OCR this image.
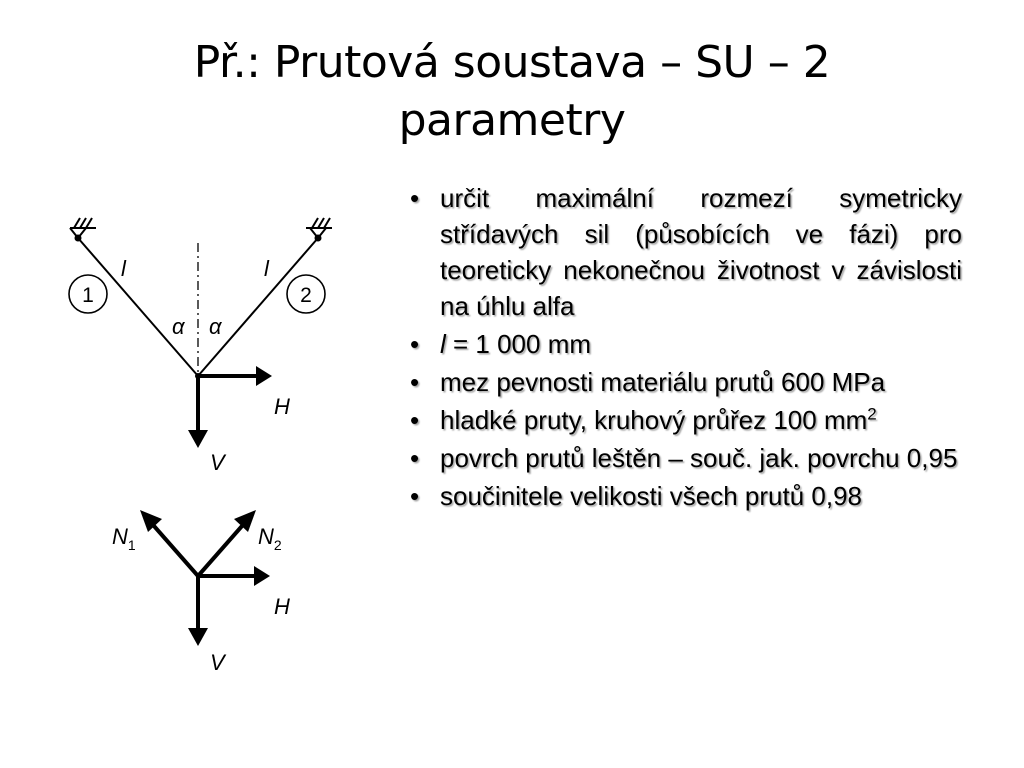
Př.: Prutová soustava – SU – 2
parametry
1	2
l	l
α α
H
V
$N_1$	$N_2$
H
V
• určit maximální rozmezí symetricky střídavých sil (působících ve fázi) pro teoreticky nekonečnou životnost v závislosti na úhlu alfa
• l = 1 000 mm
• mez pevnosti materiálu prutů 600 MPa
• hladké pruty, kruhový průřez 100 $mm^2$
• povrch prutů leštěn – souč. jak. povrchu 0,95
• součinitele velikosti všech prutů 0,98
